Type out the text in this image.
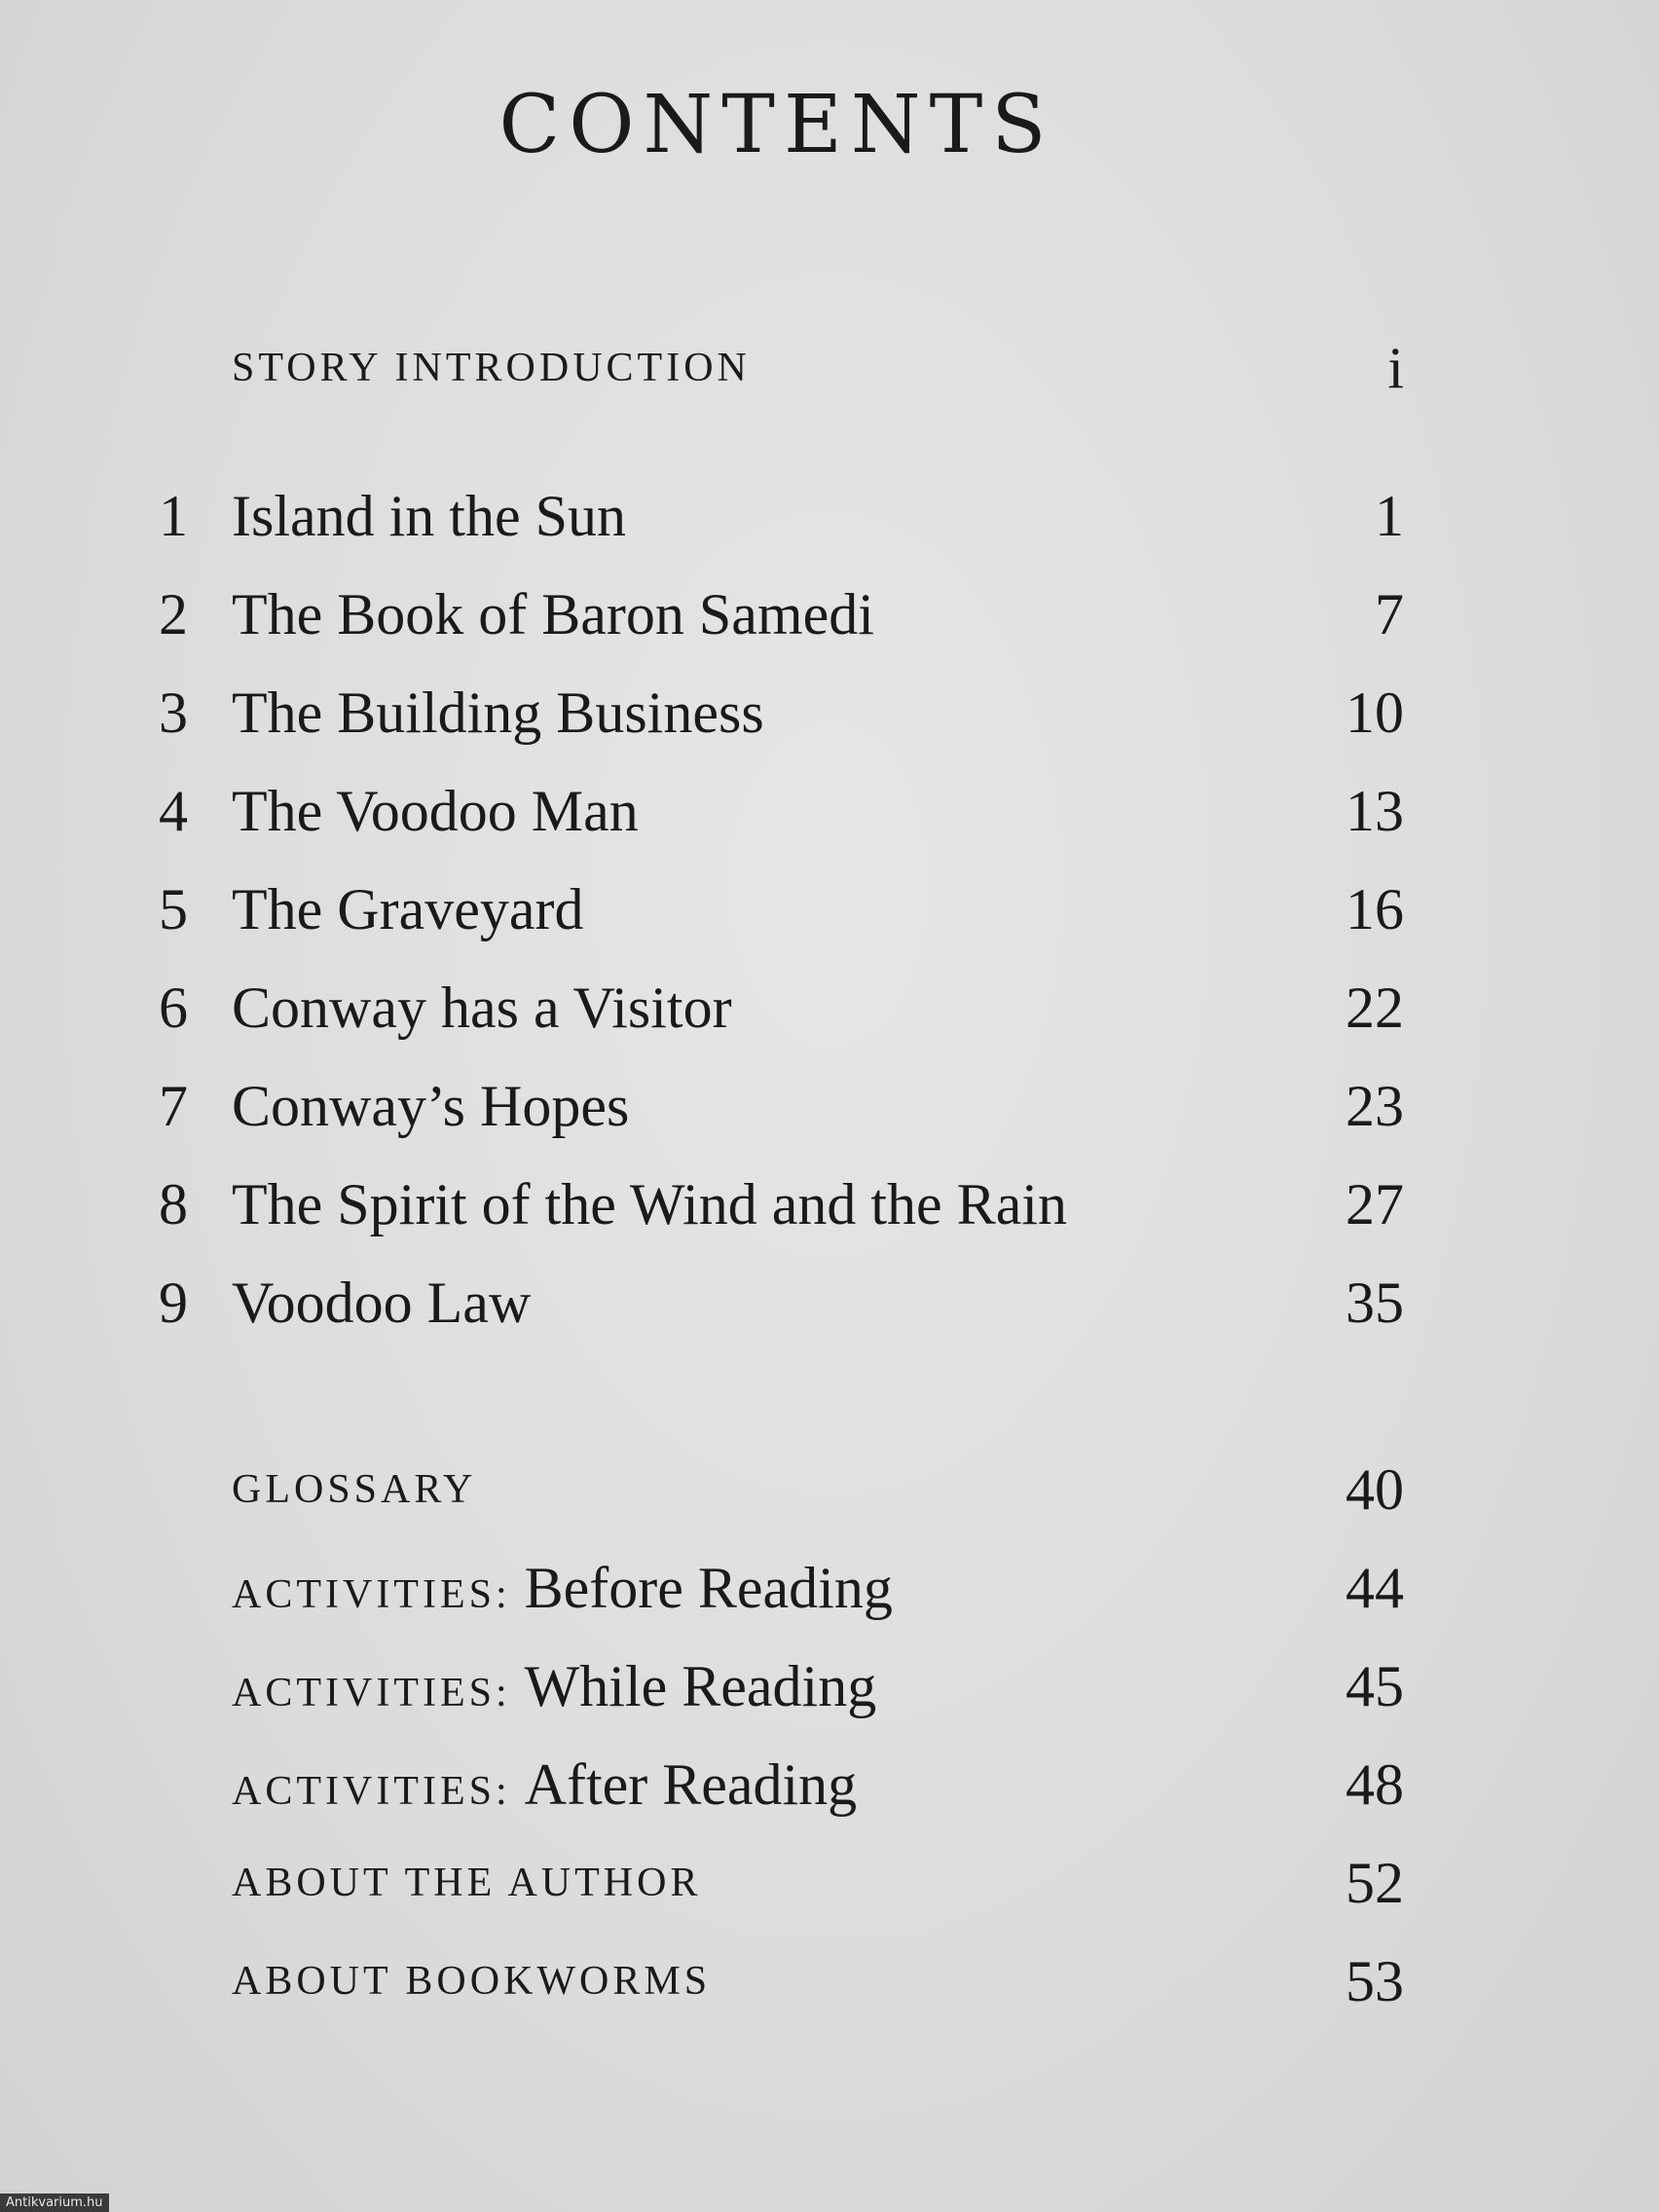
CONTENTS
STORY INTRODUCTION	i
1 Island in the Sun	1
2 The Book of Baron Samedi	7
3 The Building Business	10
4 The Voodoo Man	13
5 The Graveyard	16
6 Conway has a Visitor	22
7 Conway’s Hopes	23
8 The Spirit of the Wind and the Rain	27
9 Voodoo Law	35
GLOSSARY	40
ACTIVITIES: Before Reading	44
ACTIVITIES: While Reading	45
ACTIVITIES: After Reading	48
ABOUT THE AUTHOR	52
ABOUT BOOKWORMS	53
Antikvarium.hu
